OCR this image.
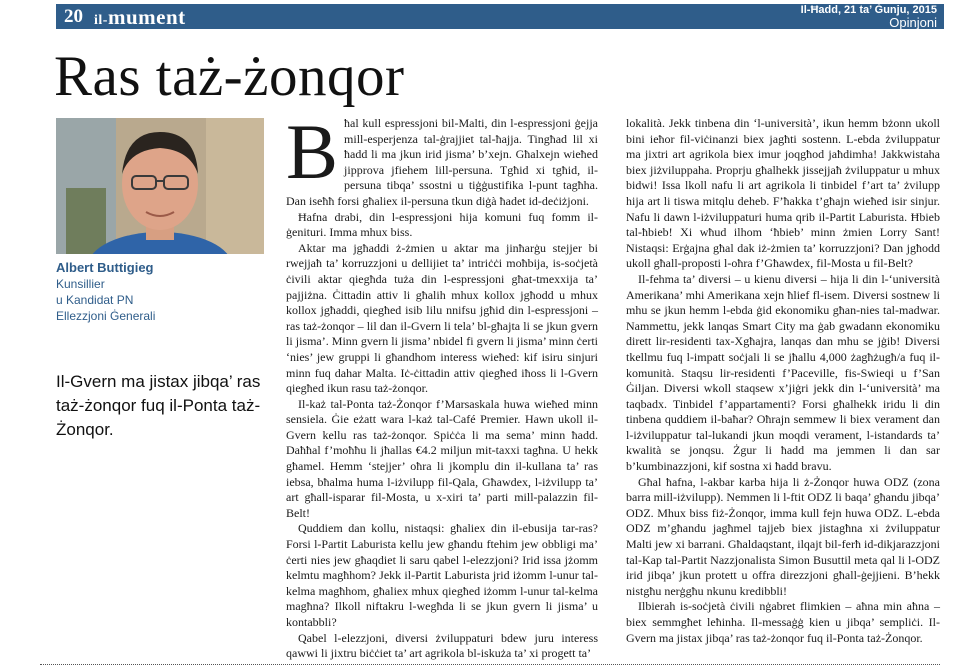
20 il-mument	Il-Ħadd, 21 ta’ Ġunju, 2015
Opinjoni
Ras taż-żonqor
Albert Buttigieg
Kunsillier
u Kandidat PN
Ellezzjoni Ġenerali
Il-Gvern ma jistax jibqa’ ras taż-żonqor fuq il-Ponta taż-Żonqor.

Bħal kull espressjoni bil-Malti, din l-espressjoni ġejja mill-esperjenza tal-ġrajjiet tal-ħajja. Tingħad lil xi ħadd li ma jkun irid jisma’ b’xejn. Għalxejn wieħed jipprova jfiehem lill-persuna. Tgħid xi tgħid, il-persuna tibqa’ ssostni u tiġġustifika l-punt tagħha. Dan iseħħ forsi għaliex il-persuna tkun diġà ħadet id-deċiżjoni.

Ħafna drabi, din l-espressjoni hija komuni fuq fomm il-ġenituri. Imma mhux biss.

Aktar ma jgħaddi ż-żmien u aktar ma jinħarġu stejjer bi rwejjaħ ta’ korruzzjoni u dellijiet ta’ intriċċi moħbija, is-soċjetà ċivili aktar qiegħda tuża din l-espressjoni għat-tmexxija ta’ pajjiżna. Ċittadin attiv li għalih mhux kollox jgħodd u mhux kollox jgħaddi, qiegħed isib lilu nnifsu jgħid din l-espressjoni – ras taż-żonqor – lil dan il-Gvern li tela’ bl-għajta li se jkun gvern li jisma’. Minn gvern li jisma’ nbidel fi gvern li jisma’ minn ċerti ‘nies’ jew gruppi li għandhom interess wieħed: kif isiru sinjuri minn fuq dahar Malta. Iċ-ċittadin attiv qiegħed iħoss li l-Gvern qiegħed ikun rasu taż-żonqor.

Il-każ tal-Ponta taż-Żonqor f’Marsaskala huwa wieħed minn sensiela. Ġie eżatt wara l-każ tal-Café Premier. Hawn ukoll il-Gvern kellu ras taż-żonqor. Spiċċa li ma sema’ minn ħadd. Daħħal f’moħħu li jħallas €4.2 miljun mit-taxxi tagħna. U hekk għamel. Hemm ‘stejjer’ oħra li jkomplu din il-kullana ta’ ras iebsa, bħalma huma l-iżvilupp fil-Qala, Għawdex, l-iżvilupp ta’ art għall-isparar fil-Mosta, u x-xiri ta’ parti mill-palazzin fil-Belt!

Quddiem dan kollu, nistaqsi: għaliex din il-ebusija tar-ras? Forsi l-Partit Laburista kellu jew għandu ftehim jew obbligi ma’ ċerti nies jew għaqdiet li saru qabel l-elezzjoni? Irid issa jżomm kelmtu magħhom? Jekk il-Partit Laburista jrid iżomm l-unur tal-kelma magħhom, għaliex mhux qiegħed iżomm l-unur tal-kelma magħna? Ilkoll niftakru l-wegħda li se jkun gvern li jisma’ u kontabbli?

Qabel l-elezzjoni, diversi żviluppaturi bdew juru interess qawwi li jixtru biċċiet ta’ art agrikola bl-iskuża ta’ xi progett ta’

lokalità. Jekk tinbena din ‘l-università’, ikun hemm bżonn ukoll bini ieħor fil-viċinanzi biex jagħti sostenn. L-ebda żviluppatur ma jixtri art agrikola biex imur joqgħod jaħdimha! Jakkwistaha biex jiżviluppaha. Proprju għalhekk jissejjaħ żviluppatur u mhux bidwi! Issa lkoll nafu li art agrikola li tinbidel f’art ta’ żvilupp hija art li tiswa mitqlu deheb. F’ħakka t’għajn wieħed isir sinjur. Nafu li dawn l-iżviluppaturi huma qrib il-Partit Laburista. Ħbieb tal-ħbieb! Xi wħud ilhom ‘ħbieb’ minn żmien Lorry Sant! Nistaqsi: Erġajna għal dak iż-żmien ta’ korruzzjoni? Dan jgħodd ukoll għall-proposti l-oħra f’Għawdex, fil-Mosta u fil-Belt?

Il-fehma ta’ diversi – u kienu diversi – hija li din l-‘università Amerikana’ mhi Amerikana xejn ħlief fl-isem. Diversi sostnew li mhu se jkun hemm l-ebda ġid ekonomiku għan-nies tal-madwar. Nammettu, jekk lanqas Smart City ma ġab gwadann ekonomiku dirett lir-residenti tax-Xgħajra, lanqas dan mhu se jġib! Diversi tkellmu fuq l-impatt soċjali li se jħallu 4,000 żagħżugħ/a fuq il-komunità. Staqsu lir-residenti f’Paceville, fis-Swieqi u f’San Ġiljan. Diversi wkoll staqsew x’jiġri jekk din l-‘università’ ma taqbadx. Tinbidel f’appartamenti? Forsi għalhekk iridu li din tinbena quddiem il-baħar? Oħrajn semmew li biex verament dan l-iżviluppatur tal-lukandi jkun moqdi verament, l-istandards ta’ kwalità se jonqsu. Żgur li ħadd ma jemmen li dan sar b’kumbinazzjoni, kif sostna xi ħadd bravu.

Għal ħafna, l-akbar karba hija li ż-Żonqor huwa ODZ (zona barra mill-iżvilupp). Nemmen li l-ftit ODZ li baqa’ għandu jibqa’ ODZ. Mhux biss fiż-Żonqor, imma kull fejn huwa ODZ. L-ebda ODZ m’għandu jagħmel tajjeb biex jistagħna xi żviluppatur Malti jew xi barrani. Għaldaqstant, ilqajt bil-ferħ id-dikjarazzjoni tal-Kap tal-Partit Nazzjonalista Simon Busuttil meta qal li l-ODZ irid jibqa’ jkun protett u offra direzzjoni għall-ġejjieni. B’hekk nistgħu nerġgħu nkunu kredibbli!

Ilbierah is-soċjetà ċivili nġabret flimkien – aħna min aħna – biex semmgħet leħinha. Il-messaġġ kien u jibqa’ sempliċi. Il-Gvern ma jistax jibqa’ ras taż-żonqor fuq il-Ponta taż-Żonqor.
